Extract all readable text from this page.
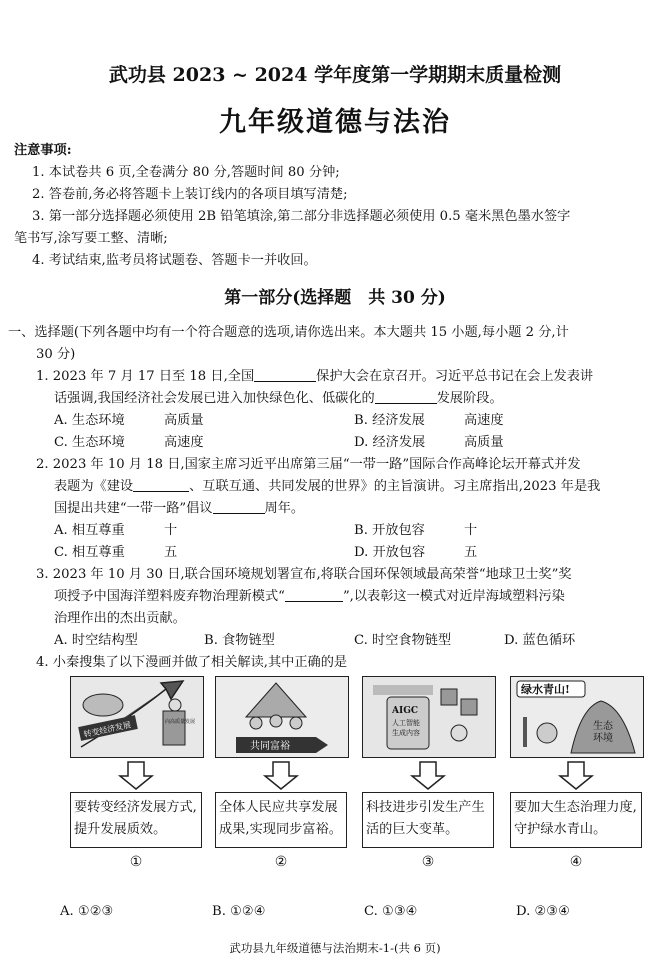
武功县 2023 ~ 2024 学年度第一学期期末质量检测
九年级道德与法治
注意事项:
1. 本试卷共 6 页,全卷满分 80 分,答题时间 80 分钟;
2. 答卷前,务必将答题卡上装订线内的各项目填写清楚;
3. 第一部分选择题必须使用 2B 铅笔填涂,第二部分非选择题必须使用 0.5 毫米黑色墨水签字
笔书写,涂写要工整、清晰;
4. 考试结束,监考员将试题卷、答题卡一并收回。
第一部分(选择题　共 30 分)
一、选择题(下列各题中均有一个符合题意的选项,请你选出来。本大题共 15 小题,每小题 2 分,计
30 分)
1. 2023 年 7 月 17 日至 18 日,全国	保护大会在京召开。习近平总书记在会上发表讲
话强调,我国经济社会发展已进入加快绿色化、低碳化的	发展阶段。
A. 生态环境	高质量	B. 经济发展	高速度
C. 生态环境	高速度	D. 经济发展	高质量
2. 2023 年 10 月 18 日,国家主席习近平出席第三届“一带一路”国际合作高峰论坛开幕式并发
表题为《建设	、互联互通、共同发展的世界》的主旨演讲。习主席指出,2023 年是我
国提出共建“一带一路”倡议	周年。
A. 相互尊重	十	B. 开放包容	十
C. 相互尊重	五	D. 开放包容	五
3. 2023 年 10 月 30 日,联合国环境规划署宣布,将联合国环保领域最高荣誉“地球卫士奖”奖
项授予中国海洋塑料废弃物治理新模式“	”,以表彰这一模式对近岸海域塑料污染
治理作出的杰出贡献。
A. 时空结构型	B. 食物链型	C. 时空食物链型	D. 蓝色循环
4. 小秦搜集了以下漫画并做了相关解读,其中正确的是
转变经济发展	向高质量发展
要转变经济发展方式,提升发展质效。
①
共同富裕
全体人民应共享发展成果,实现同步富裕。
②
AIGC
人工智能
生成内容
科技进步引发生产生活的巨大变革。
③
绿水青山!
生态
环境
要加大生态治理力度,守护绿水青山。
④
A. ①②③	B. ①②④	C. ①③④	D. ②③④
武功县九年级道德与法治期末-1-(共 6 页)
